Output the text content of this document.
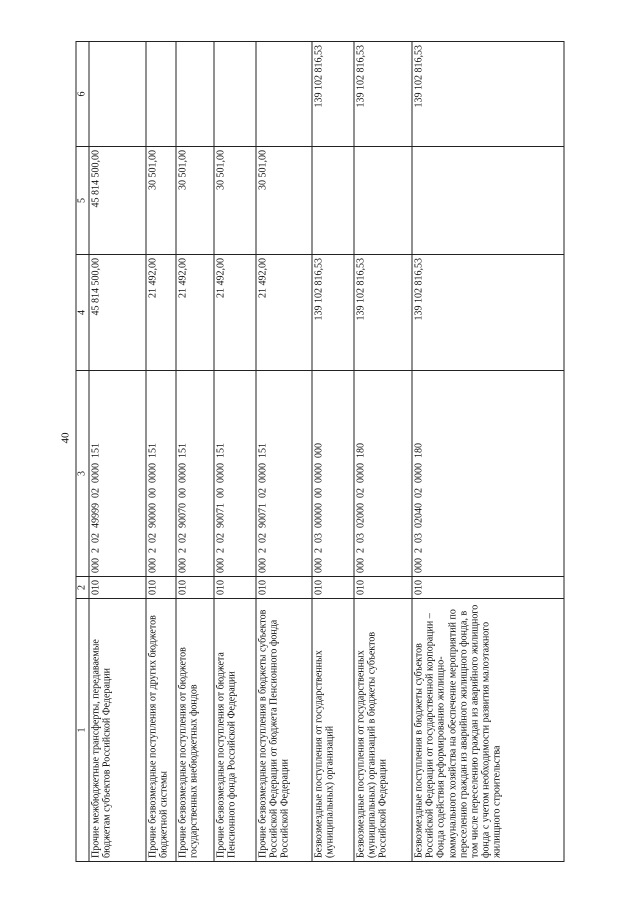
40
1	2	3	4	5	6
Прочие межбюджетные трансферты, передаваемые бюджетам субъектов Российской Федерации	010	000  2  02  49999  02  0000  151	45 814 500,00	45 814 500,00	
Прочие безвозмездные поступления от других бюджетов бюджетной системы	010	000  2  02  90000  00  0000  151	21 492,00	30 501,00	
Прочие безвозмездные поступления от бюджетов государственных внебюджетных фондов	010	000  2  02  90070  00  0000  151	21 492,00	30 501,00	
Прочие безвозмездные поступления от бюджета Пенсионного фонда Российской Федерации	010	000  2  02  90071  00  0000  151	21 492,00	30 501,00	
Прочие безвозмездные поступления в бюджеты субъектов Российской Федерации от бюджета Пенсионного фонда Российской Федерации	010	000  2  02  90071  02  0000  151	21 492,00	30 501,00	
Безвозмездные поступления от государственных (муниципальных) организаций	010	000  2  03  00000  00  0000  000	139 102 816,53		139 102 816,53
Безвозмездные поступления от государственных (муниципальных) организаций в бюджеты субъектов Российской Федерации	010	000  2  03  02000  02  0000  180	139 102 816,53		139 102 816,53
Безвозмездные поступления в бюджеты субъектов Российской Федерации от государственной корпорации – Фонда содействия реформированию жилищно-коммунального хозяйства на обеспечение мероприятий по переселению граждан из аварийного жилищного фонда, в том числе переселению граждан из аварийного жилищного фонда с учетом необходимости развития малоэтажного жилищного строительства	010	000  2  03  02040  02  0000  180	139 102 816,53		139 102 816,53
